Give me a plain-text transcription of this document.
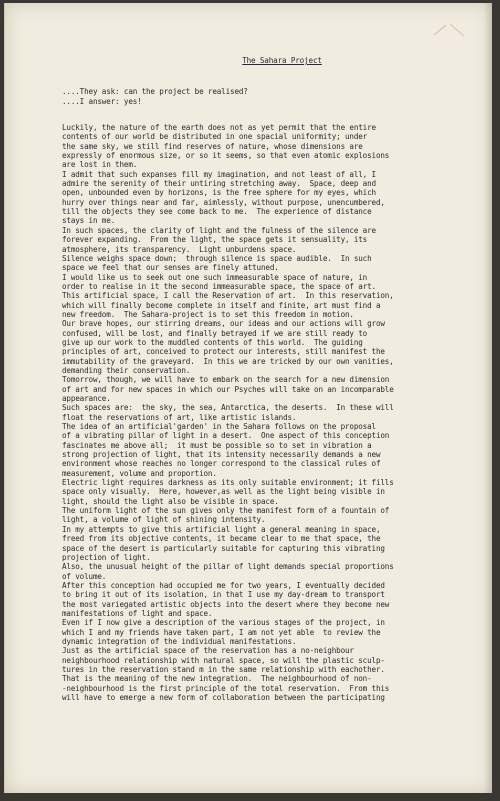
The Sahara Project
....They ask: can the project be realised?
....I answer: yes!
Luckily, the nature of the earth does not as yet permit that the entire
contents of our world be distributed in one spacial uniformity; under
the same sky, we still find reserves of nature, whose dimensions are
expressly of enormous size, or so it seems, so that even atomic explosions
are lost in them.
I admit that such expanses fill my imagination, and not least of all, I
admire the serenity of their untiring stretching away.  Space, deep and
open, unbounded even by horizons, is the free sphere for my eyes, which
hurry over things near and far, aimlessly, without purpose, unencumbered,
till the objects they see come back to me.  The experience of distance
stays in me.
In such spaces, the clarity of light and the fulness of the silence are
forever expanding.  From the light, the space gets it sensuality, its
atmosphere, its transparency.  Light unburdens space.
Silence weighs space down;  through silence is space audible.  In such
space we feel that our senses are finely attuned.
I would like us to seek out one such immeasurable space of nature, in
order to realise in it the second immeasurable space, the space of art.
This artificial space, I call the Reservation of art.  In this reservation,
which will finally become complete in itself and finite, art must find a
new freedom.  The Sahara-project is to set this freedom in motion.
Our brave hopes, our stirring dreams, our ideas and our actions will grow
confused, will be lost, and finally betrayed if we are still ready to
give up our work to the muddled contents of this world.  The guiding
principles of art, conceived to protect our interests, still manifest the
immutability of the graveyard.  In this we are tricked by our own vanities,
demanding their conservation.
Tomorrow, though, we will have to embark on the search for a new dimension
of art and for new spaces in which our Psyches will take on an incomparable
appearance.
Such spaces are:  the sky, the sea, Antarctica, the deserts.  In these will
float the reservations of art, like artistic islands.
The idea of an artificial'garden' in the Sahara follows on the proposal
of a vibrating pillar of light in a desert.  One aspect of this conception
fascinates me above all;  it must be possible so to set in vibration a
strong projection of light, that its intensity necessarily demands a new
environment whose reaches no longer correspond to the classical rules of
measurement, volume and proportion.
Electric light requires darkness as its only suitable environment; it fills
space only visually.  Here, however,as well as the light being visible in
light, should the light also be visible in space.
The uniform light of the sun gives only the manifest form of a fountain of
light, a volume of light of shining intensity.
In my attempts to give this artificial light a general meaning in space,
freed from its objective contents, it became clear to me that space, the
space of the desert is particularly suitable for capturing this vibrating
projection of light.
Also, the unusual height of the pillar of light demands special proportions
of volume.
After this conception had occupied me for two years, I eventually decided
to bring it out of its isolation, in that I use my day-dream to transport
the most variegated artistic objects into the desert where they become new
manifestations of light and space.
Even if I now give a description of the various stages of the project, in
which I and my friends have taken part, I am not yet able  to review the
dynamic integration of the individual manifestations.
Just as the artificial space of the reservation has a no-neighbour
neighbourhood relationship with natural space, so will the plastic sculp-
tures in the reservation stand m in the same relationship with eachother.
That is the meaning of the new integration.  The neighbourhood of non-
-neighbourhood is the first principle of the total reservation.  From this
will have to emerge a new form of collaboration between the participating
